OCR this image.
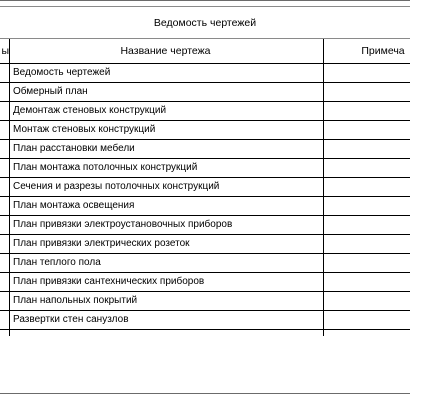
Ведомость чертежей
ы	Название чертежа	Примеча
Ведомость чертежей
Обмерный план
Демонтаж стеновых конструкций
Монтаж стеновых конструкций
План расстановки мебели
План монтажа потолочных конструкций
Сечения и разрезы потолочных конструкций
План монтажа освещения
План привязки электроустановочных приборов
План привязки электрических розеток
План теплого пола
План привязки сантехнических приборов
План напольных покрытий
Развертки стен санузлов
